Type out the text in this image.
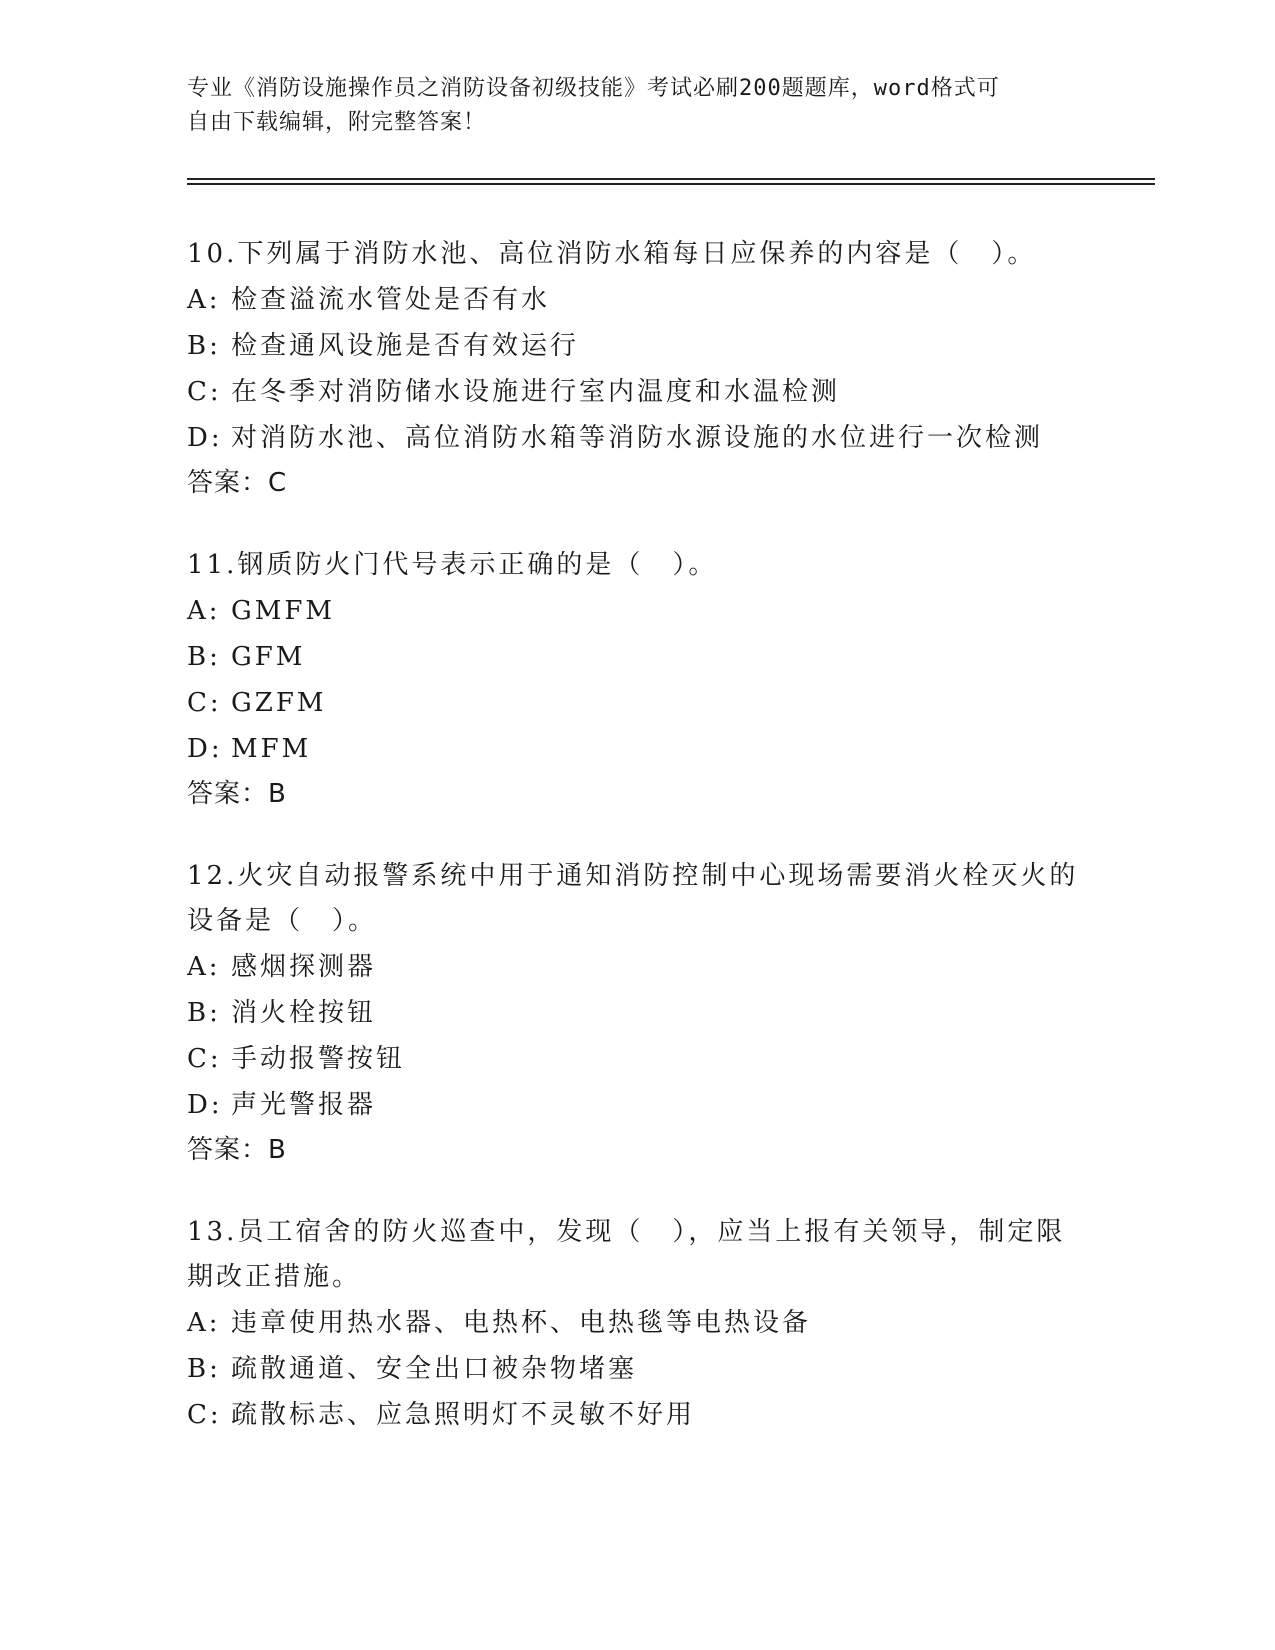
专业《消防设施操作员之消防设备初级技能》考试必刷200题题库，word格式可
自由下载编辑，附完整答案！
10.下列属于消防水池、高位消防水箱每日应保养的内容是（　）。
A: 检查溢流水管处是否有水
B: 检查通风设施是否有效运行
C: 在冬季对消防储水设施进行室内温度和水温检测
D: 对消防水池、高位消防水箱等消防水源设施的水位进行一次检测
答案：C
11.钢质防火门代号表示正确的是（　）。
A: GMFM
B: GFM
C: GZFM
D: MFM
答案：B
12.火灾自动报警系统中用于通知消防控制中心现场需要消火栓灭火的
设备是（　）。
A: 感烟探测器
B: 消火栓按钮
C: 手动报警按钮
D: 声光警报器
答案：B
13.员工宿舍的防火巡查中，发现（　），应当上报有关领导，制定限
期改正措施。
A: 违章使用热水器、电热杯、电热毯等电热设备
B: 疏散通道、安全出口被杂物堵塞
C: 疏散标志、应急照明灯不灵敏不好用
